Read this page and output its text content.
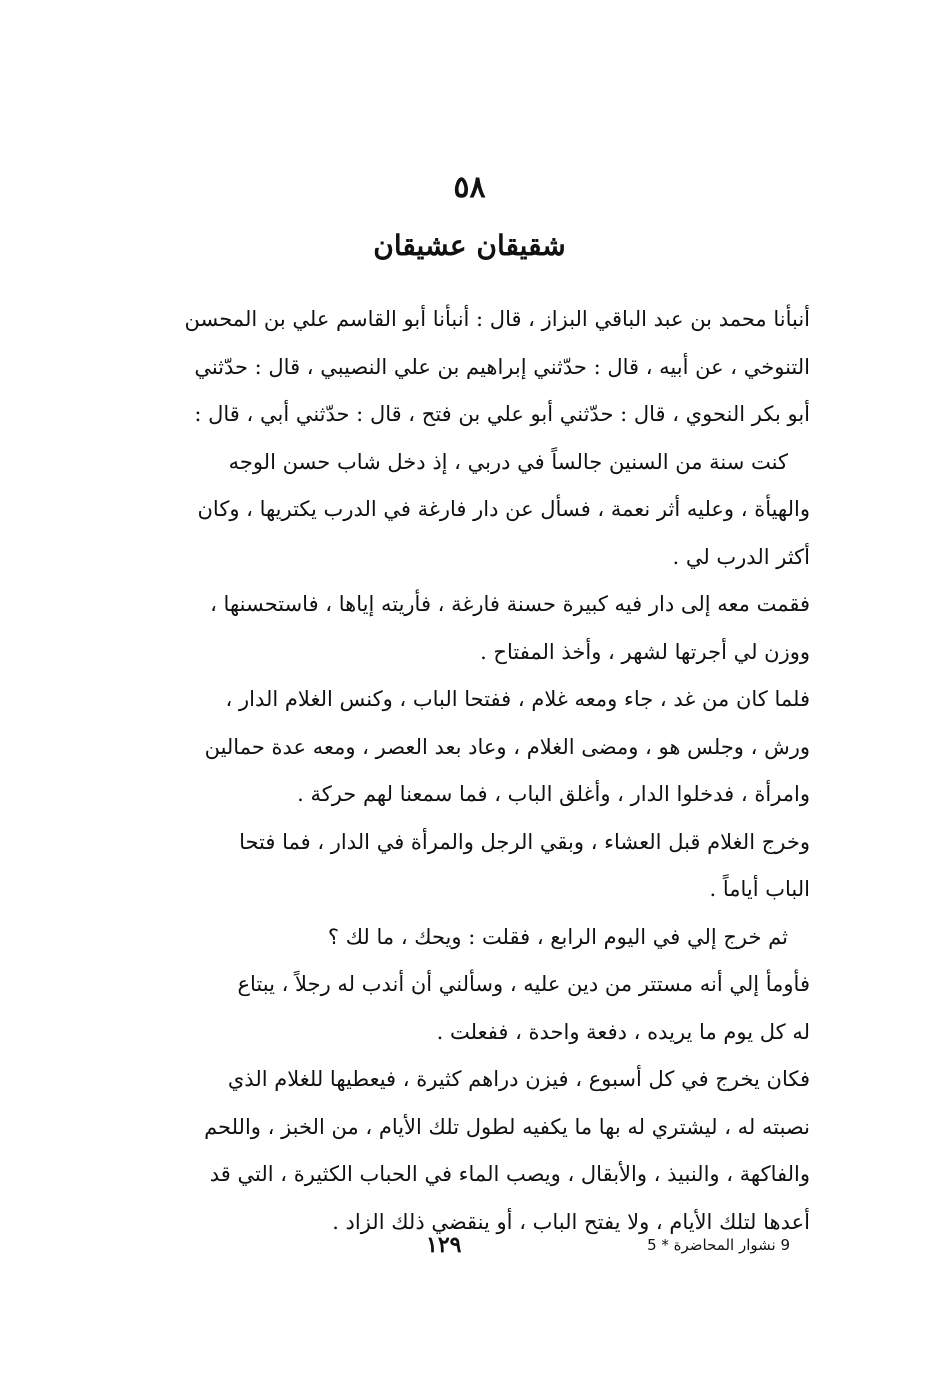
٥٨
شقيقان عشيقان

أنبأنا محمد بن عبد الباقي البزاز ، قال : أنبأنا أبو القاسم علي بن المحسن
التنوخي ، عن أبيه ، قال : حدّثني إبراهيم بن علي النصيبي ، قال : حدّثني
أبو بكر النحوي ، قال : حدّثني أبو علي بن فتح ، قال : حدّثني أبي ، قال :

كنت سنة من السنين جالساً في دربي ، إذ دخل شاب حسن الوجه
والهيأة ، وعليه أثر نعمة ، فسأل عن دار فارغة في الدرب يكتريها ، وكان
أكثر الدرب لي .

فقمت معه إلى دار فيه كبيرة حسنة فارغة ، فأريته إياها ، فاستحسنها ،
ووزن لي أجرتها لشهر ، وأخذ المفتاح .

فلما كان من غد ، جاء ومعه غلام ، ففتحا الباب ، وكنس الغلام الدار ،
ورش ، وجلس هو ، ومضى الغلام ، وعاد بعد العصر ، ومعه عدة حمالين
وامرأة ، فدخلوا الدار ، وأغلق الباب ، فما سمعنا لهم حركة .

وخرج الغلام قبل العشاء ، وبقي الرجل والمرأة في الدار ، فما فتحا
الباب أياماً .

ثم خرج إلي في اليوم الرابع ، فقلت : ويحك ، ما لك ؟

فأومأ إلي أنه مستتر من دين عليه ، وسألني أن أندب له رجلاً ، يبتاع
له كل يوم ما يريده ، دفعة واحدة ، ففعلت .

فكان يخرج في كل أسبوع ، فيزن دراهم كثيرة ، فيعطيها للغلام الذي
نصبته له ، ليشتري له بها ما يكفيه لطول تلك الأيام ، من الخبز ، واللحم
والفاكهة ، والنبيذ ، والأبقال ، ويصب الماء في الحباب الكثيرة ، التي قد
أعدها لتلك الأيام ، ولا يفتح الباب ، أو ينقضي ذلك الزاد .

9 نشوار المحاضرة * 5
١٢٩
